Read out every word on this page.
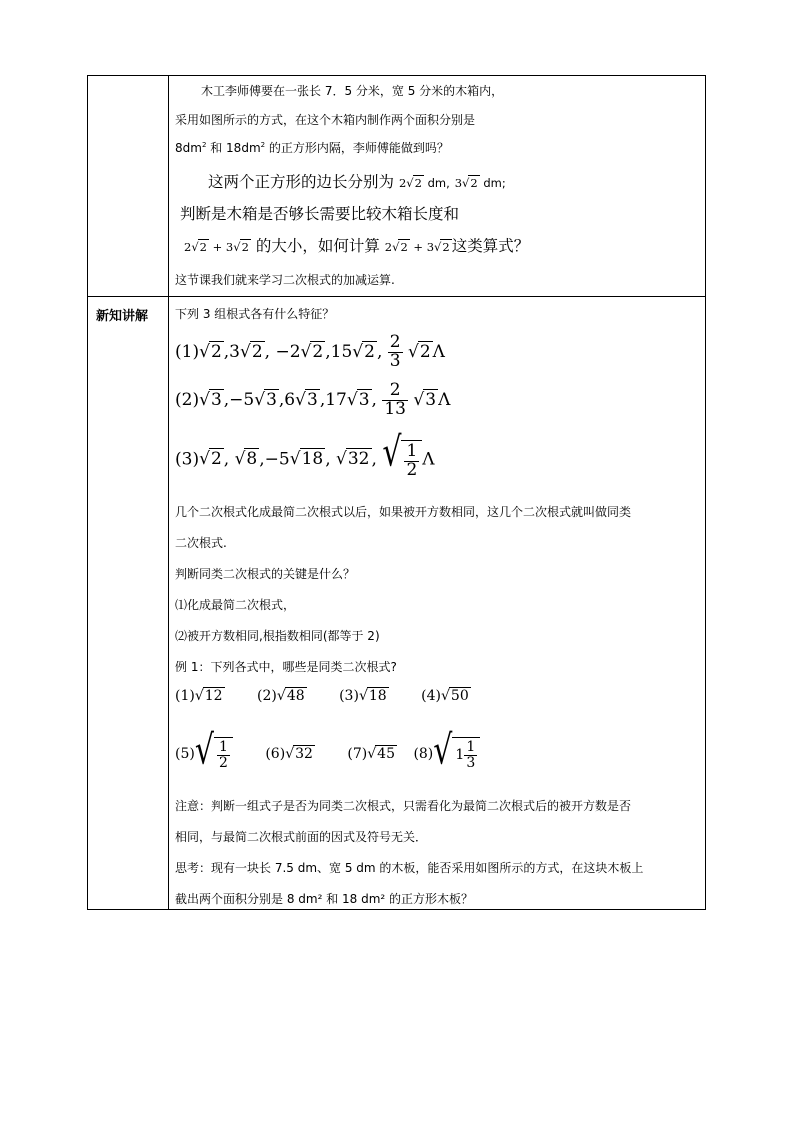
新知讲解
木工李师傅要在一张长 7．5 分米，宽 5 分米的木箱内，
采用如图所示的方式，在这个木箱内制作两个面积分别是
$8dm^2$ 和 $18dm^2$ 的正方形内隔，李师傅能做到吗？
这两个正方形的边长分别为 2√2 dm, 3√2 dm;
判断是木箱是否够长需要比较木箱长度和
2√2 + 3√2 的大小，如何计算 2√2 + 3√2 这类算式？
这节课我们就来学习二次根式的加减运算.
下列 3 组根式各有什么特征？
(1)√2 ,3√2 , −2√2 ,15√2 , $\frac{2}{3} √2$ Λ
(2)√3 ,−5√3 ,6√3 ,17√3 , $\frac{2}{13} √3$ Λ
(3)√2 , √8 ,−5√18 , √32 , √ $\frac{1}{2}$ Λ
几个二次根式化成最简二次根式以后，如果被开方数相同，这几个二次根式就叫做同类
二次根式.
判断同类二次根式的关键是什么？
⑴化成最简二次根式，
⑵被开方数相同,根指数相同(都等于 2)
例 1：下列各式中，哪些是同类二次根式?
(1)√12 (2)√48 (3)√18 (4)√50
(5) √ $\frac{1}{2}$	(6)√32 (7)√45 (8) √ $1 \frac{1}{3}$
注意：判断一组式子是否为同类二次根式，只需看化为最简二次根式后的被开方数是否
相同，与最简二次根式前面的因式及符号无关．
思考：现有一块长 7.5 dm、宽 5 dm 的木板，能否采用如图所示的方式，在这块木板上
截出两个面积分别是 8 dm² 和 18 dm² 的正方形木板？
